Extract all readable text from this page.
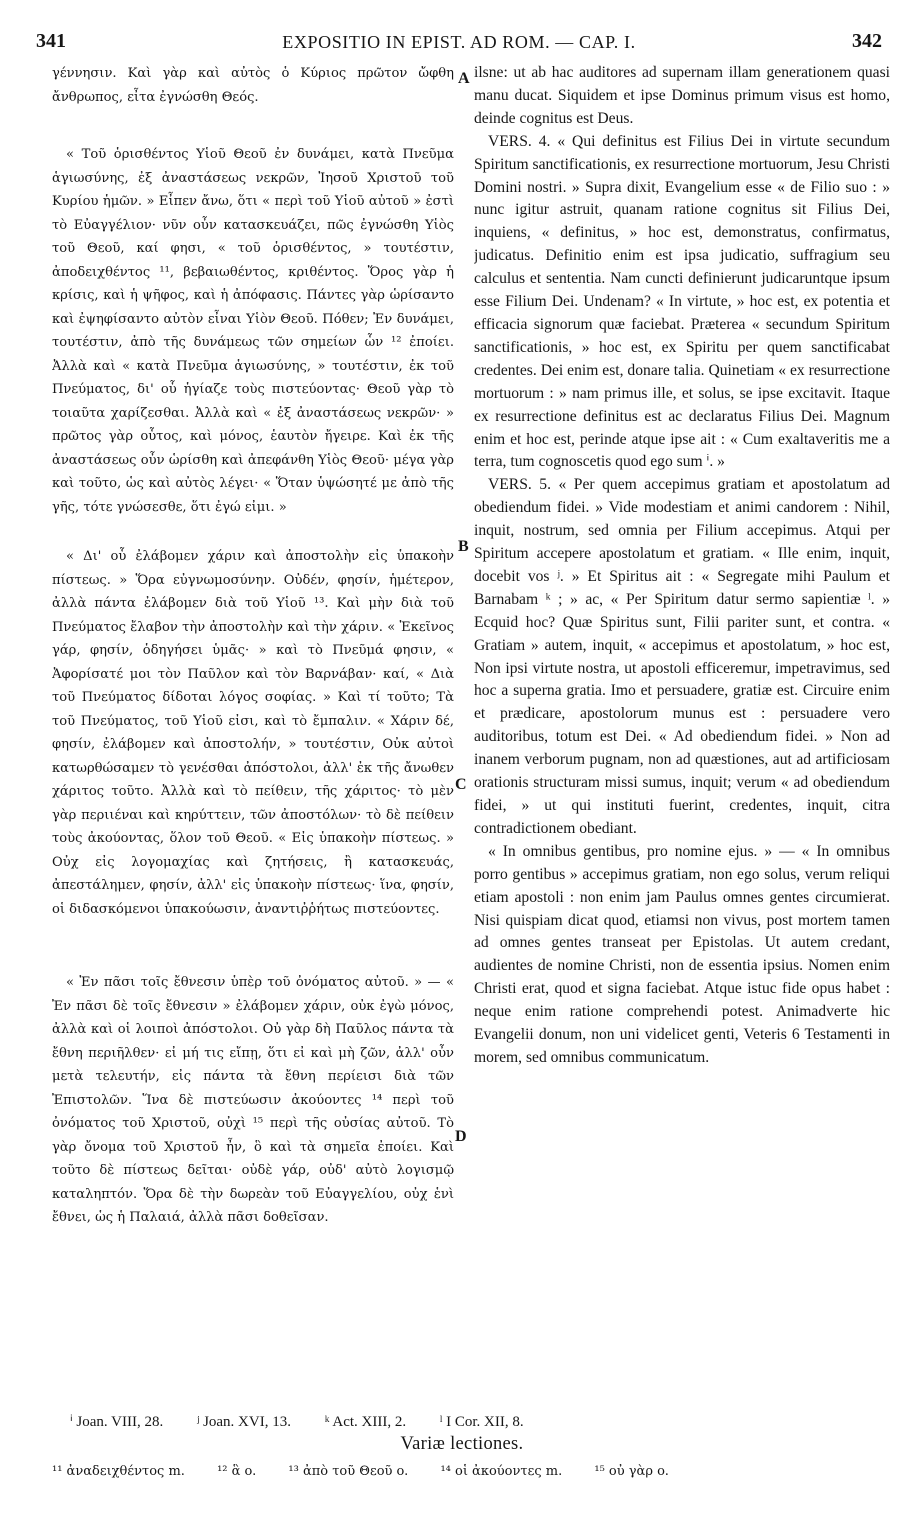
341	EXPOSITIO IN EPIST. AD ROM. — CAP. I.	342

γέννησιν. Καὶ γὰρ καὶ αὐτὸς ὁ Κύριος πρῶτον ὤφθη ἄνθρωπος, εἶτα ἐγνώσθη Θεός.

« Τοῦ ὁρισθέντος Υἱοῦ Θεοῦ ἐν δυνάμει, κατὰ Πνεῦμα ἁγιωσύνης, ἐξ ἀναστάσεως νεκρῶν, Ἰησοῦ Χριστοῦ τοῦ Κυρίου ἡμῶν. » Εἶπεν ἄνω, ὅτι « περὶ τοῦ Υἱοῦ αὐτοῦ » ἐστὶ τὸ Εὐαγγέλιον· νῦν οὖν κατασκευάζει, πῶς ἐγνώσθη Υἱὸς τοῦ Θεοῦ, καί φησι, « τοῦ ὁρισθέντος, » τουτέστιν, ἀποδειχθέντος ¹¹, βεβαιωθέντος, κριθέντος. Ὅρος γὰρ ἡ κρίσις, καὶ ἡ ψῆφος, καὶ ἡ ἀπόφασις. Πάντες γὰρ ὡρίσαντο καὶ ἐψηφίσαντο αὐτὸν εἶναι Υἱὸν Θεοῦ. Πόθεν; Ἐν δυνάμει, τουτέστιν, ἀπὸ τῆς δυνάμεως τῶν σημείων ὧν ¹² ἐποίει. Ἀλλὰ καὶ « κατὰ Πνεῦμα ἁγιωσύνης, » τουτέστιν, ἐκ τοῦ Πνεύματος, δι' οὗ ἡγίαζε τοὺς πιστεύοντας· Θεοῦ γὰρ τὸ τοιαῦτα χαρίζεσθαι. Ἀλλὰ καὶ « ἐξ ἀναστάσεως νεκρῶν· » πρῶτος γὰρ οὗτος, καὶ μόνος, ἑαυτὸν ἤγειρε. Καὶ ἐκ τῆς ἀναστάσεως οὖν ὡρίσθη καὶ ἀπεφάνθη Υἱὸς Θεοῦ· μέγα γὰρ καὶ τοῦτο, ὡς καὶ αὐτὸς λέγει· « Ὅταν ὑψώσητέ με ἀπὸ τῆς γῆς, τότε γνώσεσθε, ὅτι ἐγώ εἰμι. »

« Δι' οὗ ἐλάβομεν χάριν καὶ ἀποστολὴν εἰς ὑπακοὴν πίστεως. » Ὅρα εὐγνωμοσύνην. Οὐδέν, φησίν, ἡμέτερον, ἀλλὰ πάντα ἐλάβομεν διὰ τοῦ Υἱοῦ ¹³. Καὶ μὴν διὰ τοῦ Πνεύματος ἔλαβον τὴν ἀποστολὴν καὶ τὴν χάριν. « Ἐκεῖνος γάρ, φησίν, ὁδηγήσει ὑμᾶς· » καὶ τὸ Πνεῦμά φησιν, « Ἀφορίσατέ μοι τὸν Παῦλον καὶ τὸν Βαρνάβαν· καί, « Διὰ τοῦ Πνεύματος δίδοται λόγος σοφίας. » Καὶ τί τοῦτο; Τὰ τοῦ Πνεύματος, τοῦ Υἱοῦ εἰσι, καὶ τὸ ἔμπαλιν. « Χάριν δέ, φησίν, ἐλάβομεν καὶ ἀποστολήν, » τουτέστιν, Οὐκ αὐτοὶ κατωρθώσαμεν τὸ γενέσθαι ἀπόστολοι, ἀλλ' ἐκ τῆς ἄνωθεν χάριτος τοῦτο. Ἀλλὰ καὶ τὸ πείθειν, τῆς χάριτος· τὸ μὲν γὰρ περιιέναι καὶ κηρύττειν, τῶν ἀποστόλων· τὸ δὲ πείθειν τοὺς ἀκούοντας, ὅλον τοῦ Θεοῦ. « Εἰς ὑπακοὴν πίστεως. » Οὐχ εἰς λογομαχίας καὶ ζητήσεις, ἢ κατασκευάς, ἀπεστάλημεν, φησίν, ἀλλ' εἰς ὑπακοὴν πίστεως· ἵνα, φησίν, οἱ διδασκόμενοι ὑπακούωσιν, ἀναντιῤῥήτως πιστεύοντες.

« Ἐν πᾶσι τοῖς ἔθνεσιν ὑπὲρ τοῦ ὀνόματος αὐτοῦ. » — « Ἐν πᾶσι δὲ τοῖς ἔθνεσιν » ἐλάβομεν χάριν, οὐκ ἐγὼ μόνος, ἀλλὰ καὶ οἱ λοιποὶ ἀπόστολοι. Οὐ γὰρ δὴ Παῦλος πάντα τὰ ἔθνη περιῆλθεν· εἰ μή τις εἴπῃ, ὅτι εἰ καὶ μὴ ζῶν, ἀλλ' οὖν μετὰ τελευτήν, εἰς πάντα τὰ ἔθνη περίεισι διὰ τῶν Ἐπιστολῶν. Ἵνα δὲ πιστεύωσιν ἀκούοντες ¹⁴ περὶ τοῦ ὀνόματος τοῦ Χριστοῦ, οὐχὶ ¹⁵ περὶ τῆς οὐσίας αὐτοῦ. Τὸ γὰρ ὄνομα τοῦ Χριστοῦ ἦν, ὃ καὶ τὰ σημεῖα ἐποίει. Καὶ τοῦτο δὲ πίστεως δεῖται· οὐδὲ γάρ, οὐδ' αὐτὸ λογισμῷ καταληπτόν. Ὅρα δὲ τὴν δωρεὰν τοῦ Εὐαγγελίου, οὐχ ἑνὶ ἔθνει, ὡς ἡ Παλαιά, ἀλλὰ πᾶσι δοθεῖσαν.

A
B
C
D

ilsne: ut ab hac auditores ad supernam illam generationem quasi manu ducat. Siquidem et ipse Dominus primum visus est homo, deinde cognitus est Deus.

VERS. 4. « Qui definitus est Filius Dei in virtute secundum Spiritum sanctificationis, ex resurrectione mortuorum, Jesu Christi Domini nostri. » Supra dixit, Evangelium esse « de Filio suo : » nunc igitur astruit, quanam ratione cognitus sit Filius Dei, inquiens, « definitus, » hoc est, demonstratus, confirmatus, judicatus. Definitio enim est ipsa judicatio, suffragium seu calculus et sententia. Nam cuncti definierunt judicaruntque ipsum esse Filium Dei. Undenam? « In virtute, » hoc est, ex potentia et efficacia signorum quæ faciebat. Præterea « secundum Spiritum sanctificationis, » hoc est, ex Spiritu per quem sanctificabat credentes. Dei enim est, donare talia. Quinetiam « ex resurrectione mortuorum : » nam primus ille, et solus, se ipse excitavit. Itaque ex resurrectione definitus est ac declaratus Filius Dei. Magnum enim et hoc est, perinde atque ipse ait : « Cum exaltaveritis me a terra, tum cognoscetis quod ego sum ⁱ. »

VERS. 5. « Per quem accepimus gratiam et apostolatum ad obediendum fidei. » Vide modestiam et animi candorem : Nihil, inquit, nostrum, sed omnia per Filium accepimus. Atqui per Spiritum accepere apostolatum et gratiam. « Ille enim, inquit, docebit vos ʲ. » Et Spiritus ait : « Segregate mihi Paulum et Barnabam ᵏ ; » ac, « Per Spiritum datur sermo sapientiæ ˡ. » Ecquid hoc? Quæ Spiritus sunt, Filii pariter sunt, et contra. « Gratiam » autem, inquit, « accepimus et apostolatum, » hoc est, Non ipsi virtute nostra, ut apostoli efficeremur, impetravimus, sed hoc a superna gratia. Imo et persuadere, gratiæ est. Circuire enim et prædicare, apostolorum munus est : persuadere vero auditoribus, totum est Dei. « Ad obediendum fidei. » Non ad inanem verborum pugnam, non ad quæstiones, aut ad artificiosam orationis structuram missi sumus, inquit; verum « ad obediendum fidei, » ut qui instituti fuerint, credentes, inquit, citra contradictionem obediant.

« In omnibus gentibus, pro nomine ejus. » — « In omnibus porro gentibus » accepimus gratiam, non ego solus, verum reliqui etiam apostoli : non enim jam Paulus omnes gentes circumierat. Nisi quispiam dicat quod, etiamsi non vivus, post mortem tamen ad omnes gentes transeat per Epistolas. Ut autem credant, audientes de nomine Christi, non de essentia ipsius. Nomen enim Christi erat, quod et signa faciebat. Atque istuc fide opus habet : neque enim ratione comprehendi potest. Animadverte hic Evangelii donum, non uni videlicet genti, Veteris 6 Testamenti in morem, sed omnibus communicatum.

ⁱ Joan. VIII, 28. ʲ Joan. XVI, 13. ᵏ Act. XIII, 2. ˡ I Cor. XII, 8.
Variæ lectiones.
¹¹ ἀναδειχθέντος m. ¹² ἃ o. ¹³ ἀπὸ τοῦ Θεοῦ o. ¹⁴ οἱ ἀκούοντες m. ¹⁵ οὐ γὰρ o.
